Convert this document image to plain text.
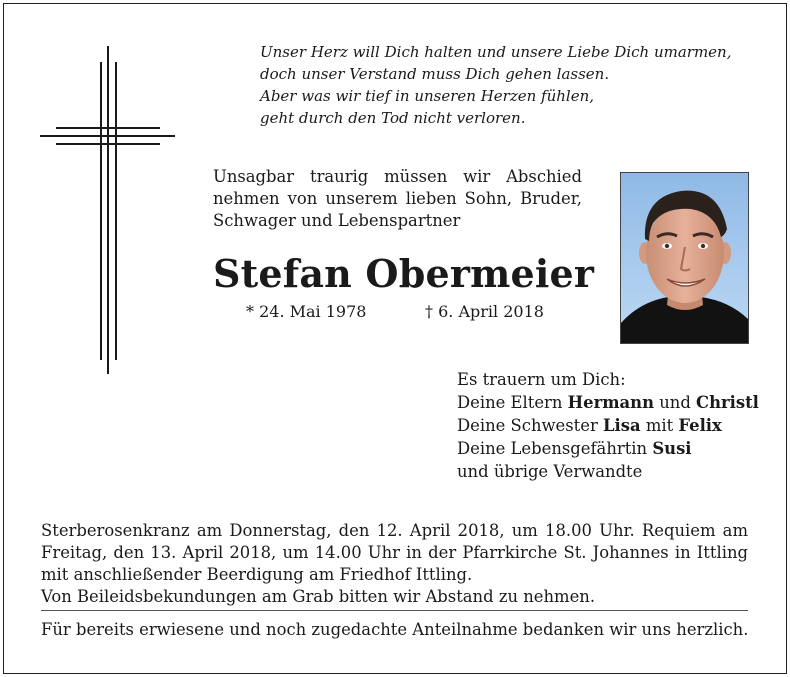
Unser Herz will Dich halten und unsere Liebe Dich umarmen,
doch unser Verstand muss Dich gehen lassen.
Aber was wir tief in unseren Herzen fühlen,
geht durch den Tod nicht verloren.
Unsagbar traurig müssen wir Abschied nehmen von unserem lieben Sohn, Bruder, Schwager und Lebenspartner
Stefan Obermeier
* 24. Mai 1978	† 6. April 2018
Es trauern um Dich:
Deine Eltern Hermann und Christl
Deine Schwester Lisa mit Felix
Deine Lebensgefährtin Susi
und übrige Verwandte
Sterberosenkranz am Donnerstag, den 12. April 2018, um 18.00 Uhr. Requiem am Freitag, den 13. April 2018, um 14.00 Uhr in der Pfarrkirche St. Johannes in Ittling mit anschließender Beerdigung am Friedhof Ittling.
Von Beileidsbekundungen am Grab bitten wir Abstand zu nehmen.
Für bereits erwiesene und noch zugedachte Anteilnahme bedanken wir uns herzlich.
